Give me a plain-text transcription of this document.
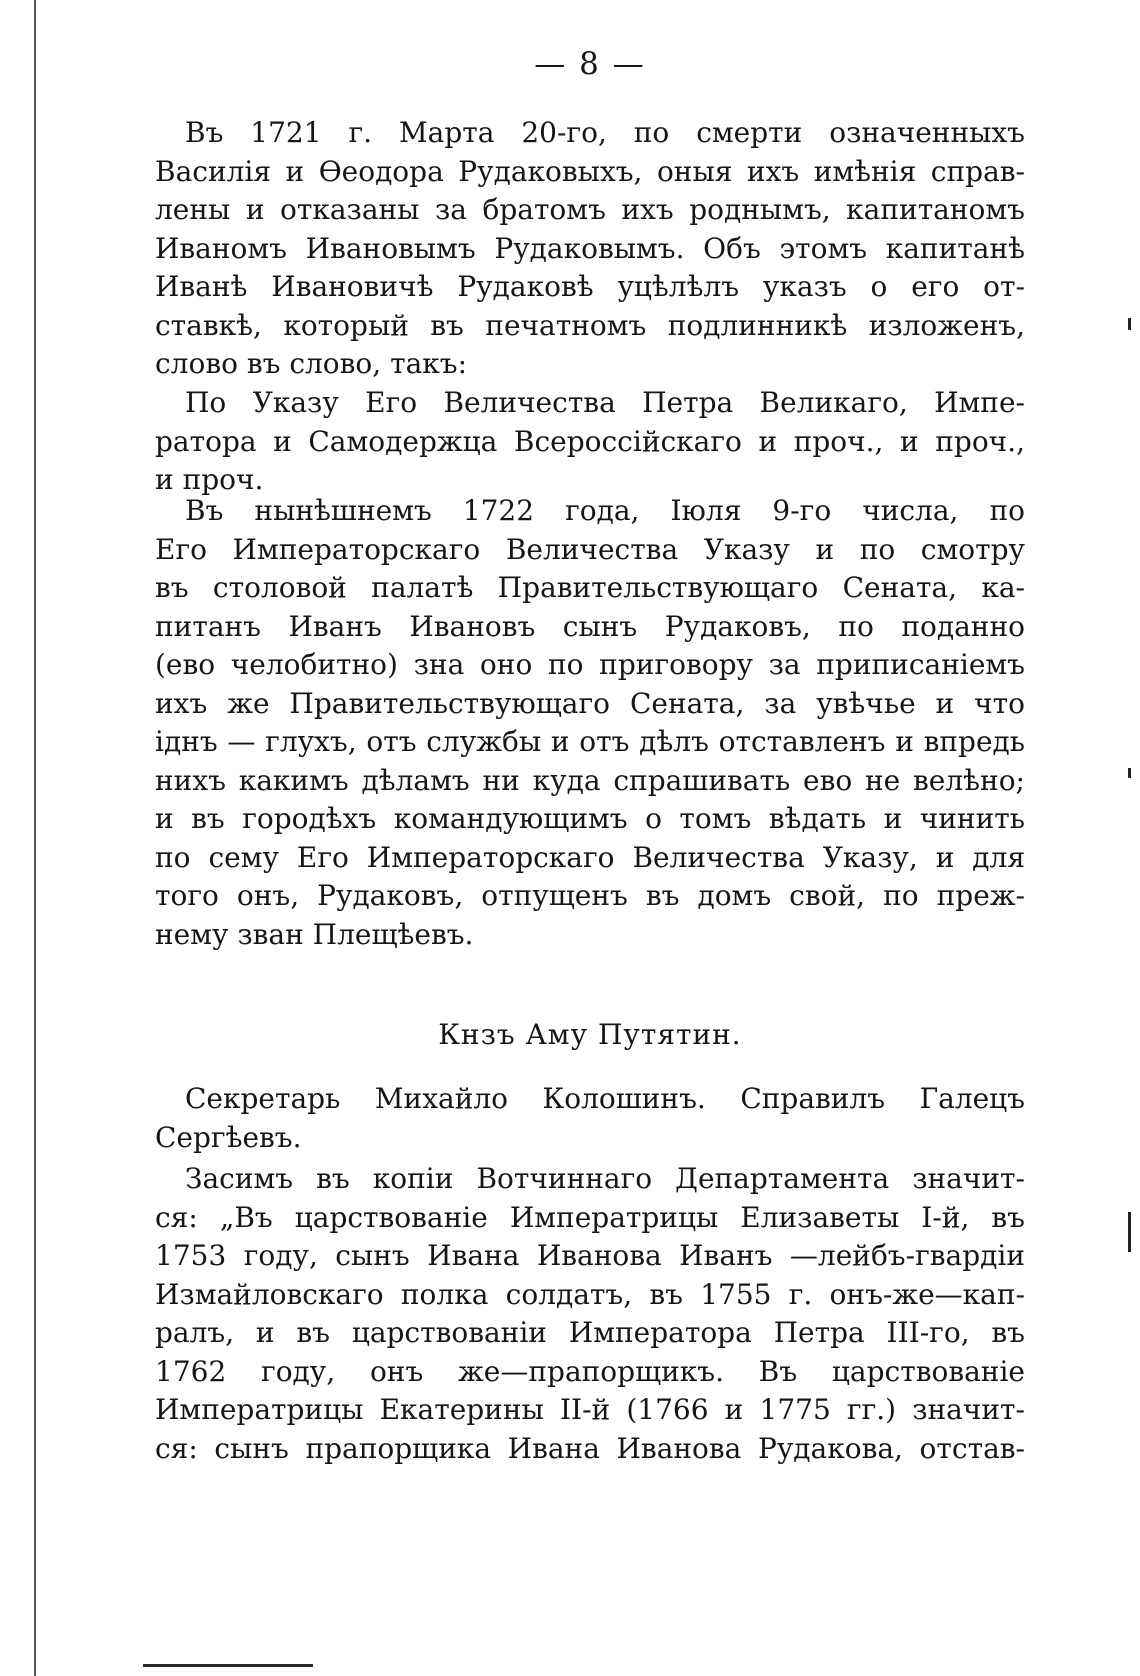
— 8 —
Въ 1721 г. Марта 20-го, по смерти означенныхъ
Василія и Өеодора Рудаковыхъ, оныя ихъ имѣнія справ-
лены и отказаны за братомъ ихъ роднымъ, капитаномъ
Иваномъ Ивановымъ Рудаковымъ. Объ этомъ капитанѣ
Иванѣ Ивановичѣ Рудаковѣ уцѣлѣлъ указъ о его от-
ставкѣ, который въ печатномъ подлинникѣ изложенъ,
слово въ слово, такъ:
По Указу Его Величества Петра Великаго, Импе-
ратора и Самодержца Всероссійскаго и проч., и проч.,
и проч.
Въ нынѣшнемъ 1722 года, Іюля 9-го числа, по
Его Императорскаго Величества Указу и по смотру
въ столовой палатѣ Правительствующаго Сената, ка-
питанъ Иванъ Ивановъ сынъ Рудаковъ, по поданно
(ево челобитно) зна оно по приговору за приписаніемъ
ихъ же Правительствующаго Сената, за увѣчье и что
іднъ — глухъ, отъ службы и отъ дѣлъ отставленъ и впредь
нихъ какимъ дѣламъ ни куда спрашивать ево не велѣно;
и въ городѣхъ командующимъ о томъ вѣдать и чинить
по сему Его Императорскаго Величества Указу, и для
того онъ, Рудаковъ, отпущенъ въ домъ свой, по преж-
нему зван Плещѣевъ.
Кнзъ Аму Путятин.
Секретарь Михайло Колошинъ. Справилъ Галецъ
Сергѣевъ.
Засимъ въ копіи Вотчиннаго Департамента значит-
ся: „Въ царствованіе Императрицы Елизаветы І-й, въ
1753 году, сынъ Ивана Иванова Иванъ —лейбъ-гвардіи
Измайловскаго полка солдатъ, въ 1755 г. онъ-же—кап-
ралъ, и въ царствованіи Императора Петра III-го, въ
1762 году, онъ же—прапорщикъ. Въ царствованіе
Императрицы Екатерины II-й (1766 и 1775 гг.) значит-
ся: сынъ прапорщика Ивана Иванова Рудакова, отстав-
